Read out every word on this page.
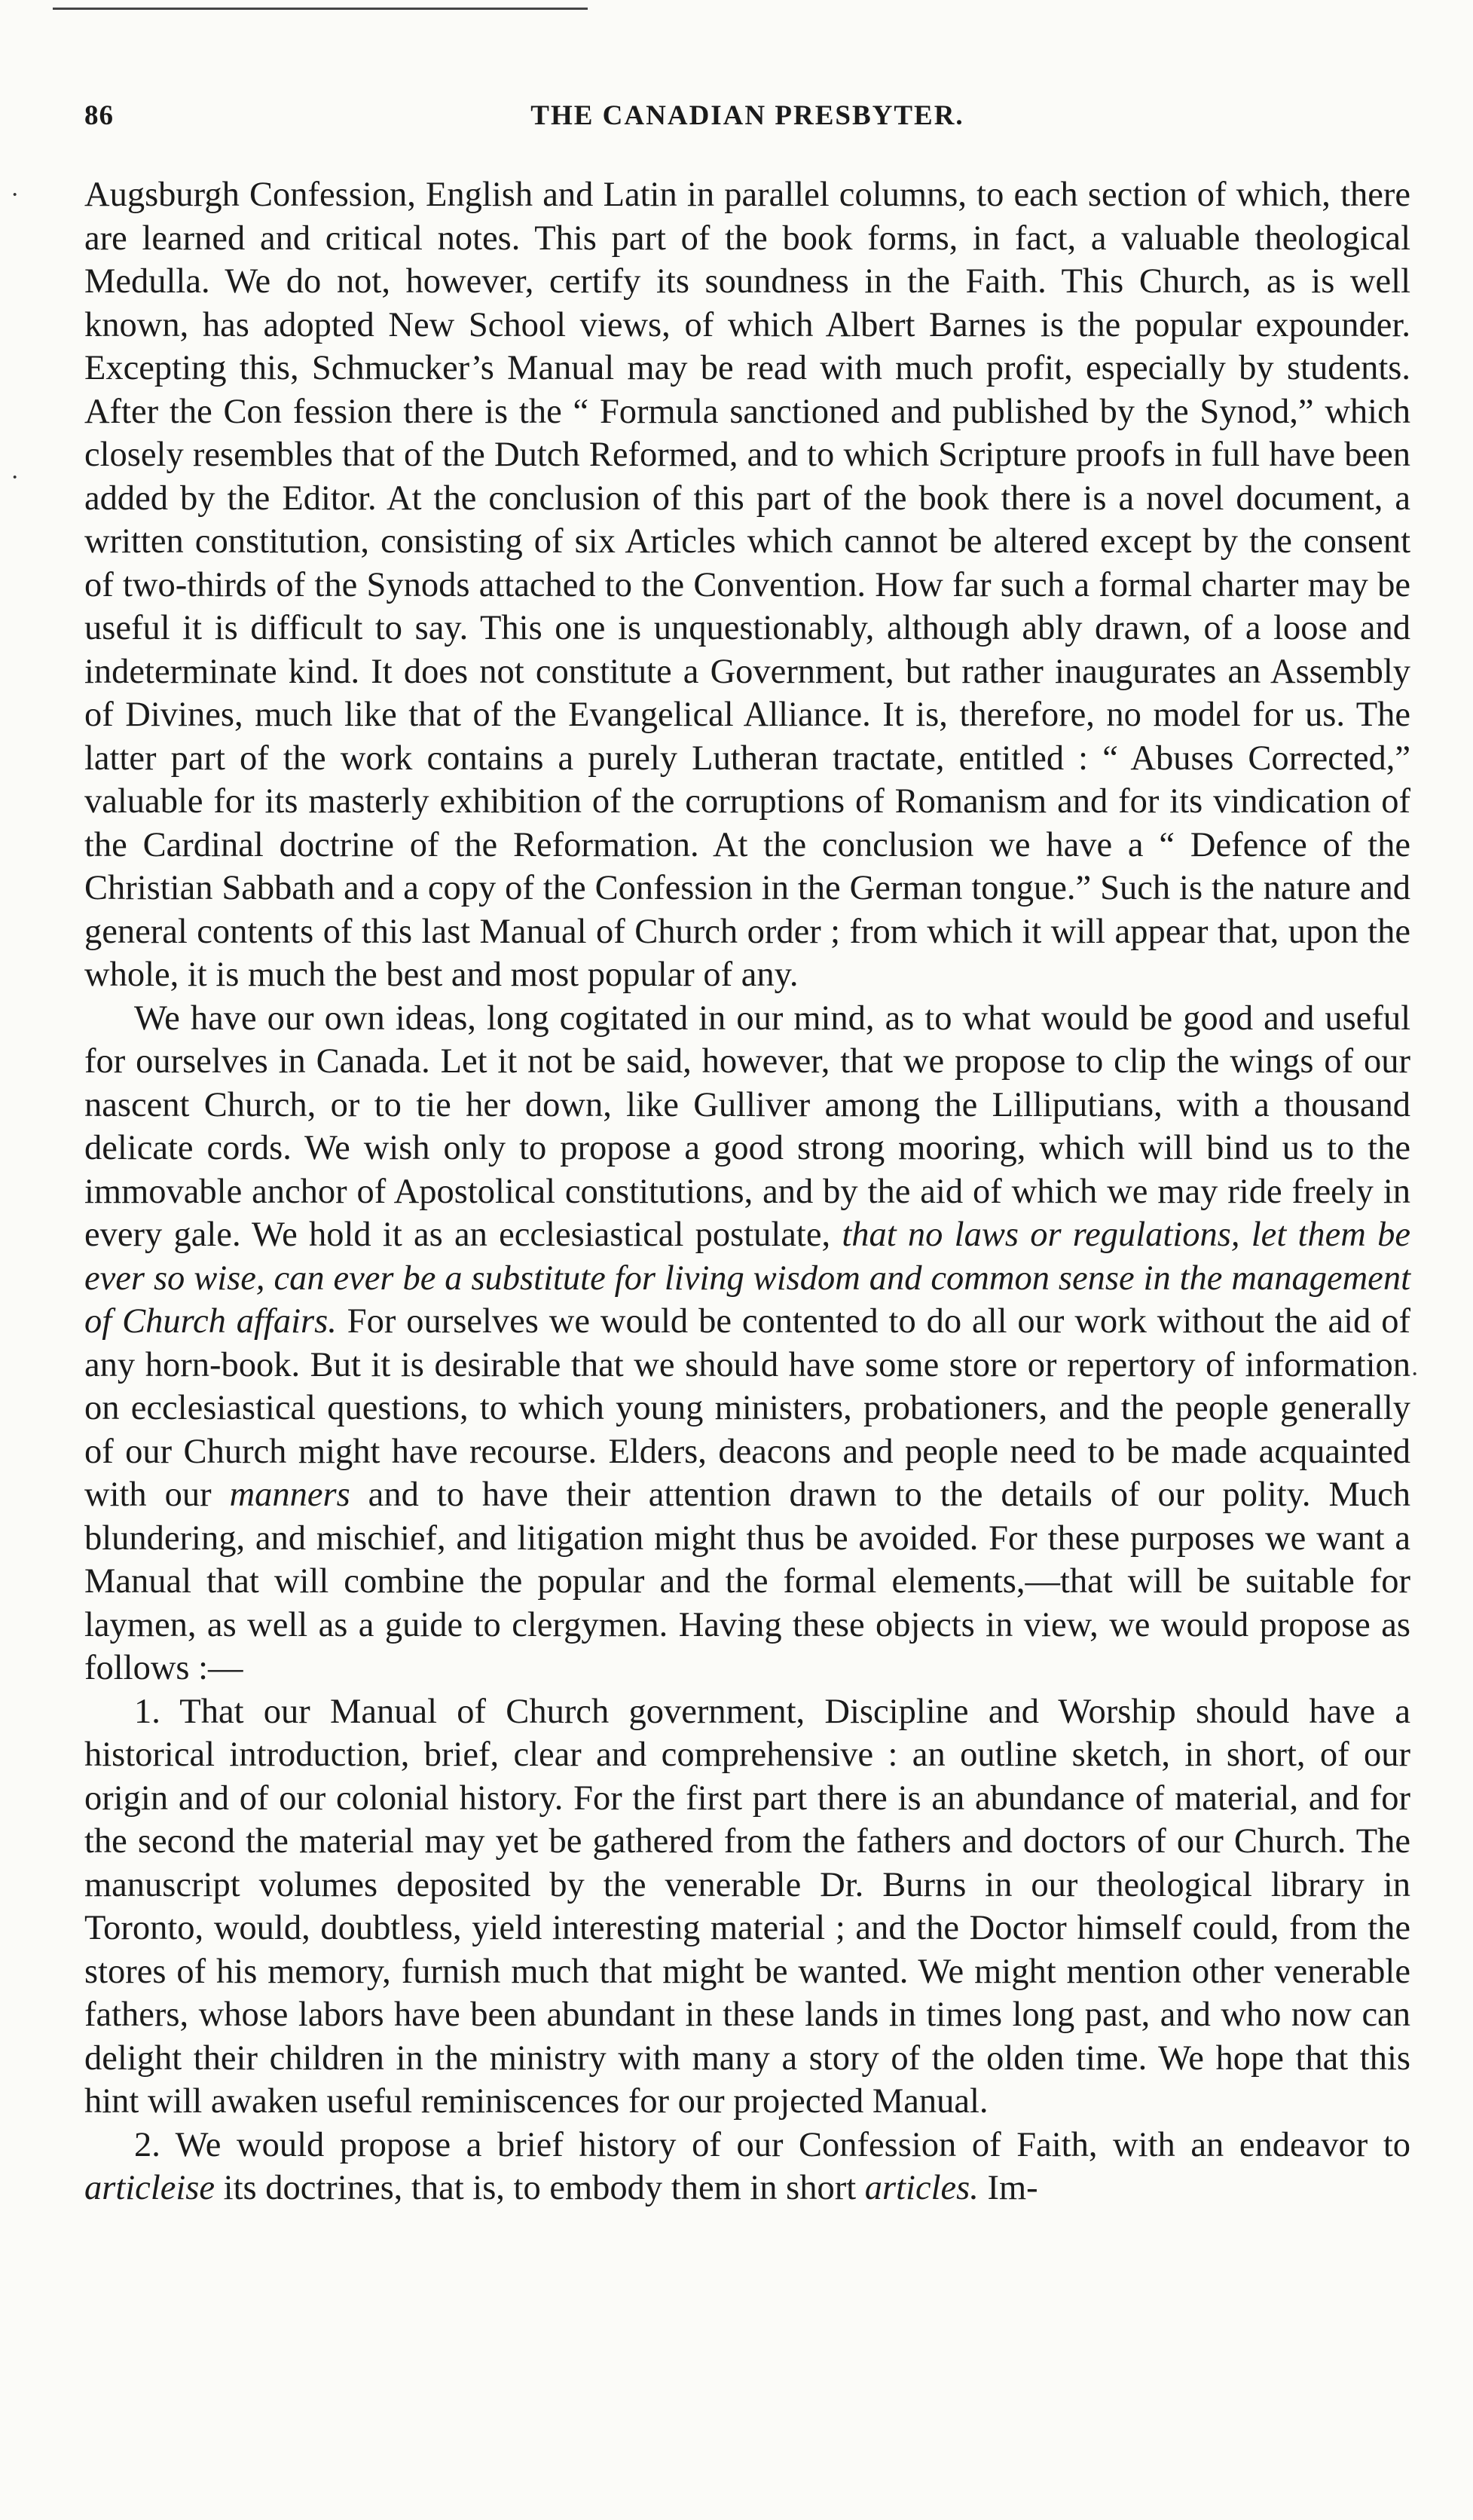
86	THE CANADIAN PRESBYTER.
·
·
·

Augsburgh Confession, English and Latin in parallel columns, to each section of which, there are learned and critical notes. This part of the book forms, in fact, a valuable theological Medulla. We do not, however, certify its soundness in the Faith. This Church, as is well known, has adopted New School views, of which Albert Barnes is the popular expounder. Excepting this, Schmucker’s Manual may be read with much profit, especially by students. After the Con fession there is the “ Formula sanctioned and published by the Synod,” which closely resembles that of the Dutch Reformed, and to which Scripture proofs in full have been added by the Editor. At the conclusion of this part of the book there is a novel document, a written constitution, consisting of six Articles which cannot be altered except by the consent of two-thirds of the Synods attached to the Convention. How far such a formal charter may be useful it is difficult to say. This one is unquestionably, although ably drawn, of a loose and indeterminate kind. It does not constitute a Government, but rather inaugurates an Assembly of Divines, much like that of the Evangelical Alliance. It is, therefore, no model for us. The latter part of the work contains a purely Lutheran tractate, entitled : “ Abuses Corrected,” valuable for its masterly exhibition of the corruptions of Romanism and for its vindication of the Cardinal doctrine of the Reformation. At the conclusion we have a “ Defence of the Christian Sabbath and a copy of the Confession in the German tongue.” Such is the nature and general contents of this last Manual of Church order ; from which it will appear that, upon the whole, it is much the best and most popular of any.

We have our own ideas, long cogitated in our mind, as to what would be good and useful for ourselves in Canada. Let it not be said, however, that we propose to clip the wings of our nascent Church, or to tie her down, like Gulliver among the Lilliputians, with a thousand delicate cords. We wish only to propose a good strong mooring, which will bind us to the immovable anchor of Apostolical constitutions, and by the aid of which we may ride freely in every gale. We hold it as an ecclesiastical postulate, that no laws or regulations, let them be ever so wise, can ever be a substitute for living wisdom and common sense in the management of Church affairs. For ourselves we would be contented to do all our work without the aid of any horn-book. But it is desirable that we should have some store or repertory of information on ecclesiastical questions, to which young ministers, probationers, and the people generally of our Church might have recourse. Elders, deacons and people need to be made acquainted with our manners and to have their attention drawn to the details of our polity. Much blundering, and mischief, and litigation might thus be avoided. For these purposes we want a Manual that will combine the popular and the formal elements,—that will be suitable for laymen, as well as a guide to clergymen. Having these objects in view, we would propose as follows :—

1. That our Manual of Church government, Discipline and Worship should have a historical introduction, brief, clear and comprehensive : an outline sketch, in short, of our origin and of our colonial history. For the first part there is an abundance of material, and for the second the material may yet be gathered from the fathers and doctors of our Church. The manuscript volumes deposited by the venerable Dr. Burns in our theological library in Toronto, would, doubtless, yield interesting material ; and the Doctor himself could, from the stores of his memory, furnish much that might be wanted. We might mention other venerable fathers, whose labors have been abundant in these lands in times long past, and who now can delight their children in the ministry with many a story of the olden time. We hope that this hint will awaken useful reminiscences for our projected Manual.

2. We would propose a brief history of our Confession of Faith, with an endeavor to articleise its doctrines, that is, to embody them in short articles. Im-
